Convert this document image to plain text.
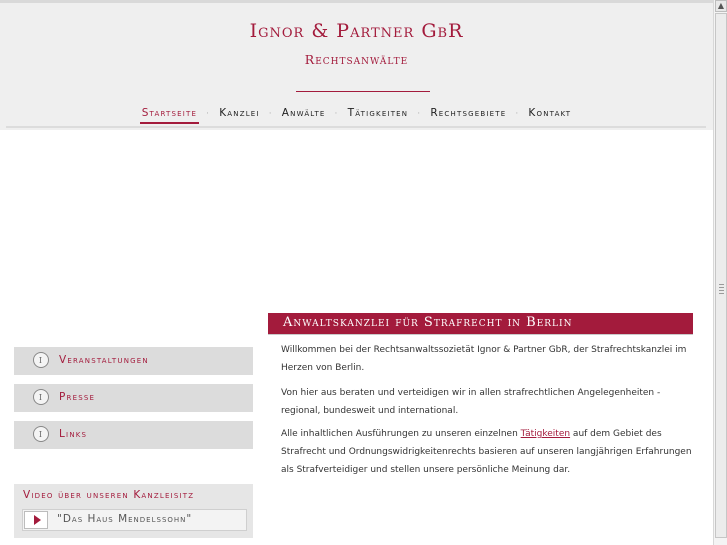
Ignor & Partner GbR
Rechtsanwälte
Startseite · Kanzlei · Anwälte · Tätigkeiten · Rechtsgebiete · Kontakt
▲
i	Veranstaltungen
i	Presse
i	Links
Video über unseren Kanzleisitz
"Das Haus Mendelssohn"
Anwaltskanzlei für Strafrecht in Berlin

Willkommen bei der Rechtsanwaltssozietät Ignor & Partner GbR, der Strafrechtskanzlei im Herzen von Berlin.

Von hier aus beraten und verteidigen wir in allen strafrechtlichen Angelegenheiten - regional, bundesweit und international.

Alle inhaltlichen Ausführungen zu unseren einzelnen Tätigkeiten auf dem Gebiet des Strafrecht und Ordnungswidrigkeitenrechts basieren auf unseren langjährigen Erfahrungen als Strafverteidiger und stellen unsere persönliche Meinung dar.
